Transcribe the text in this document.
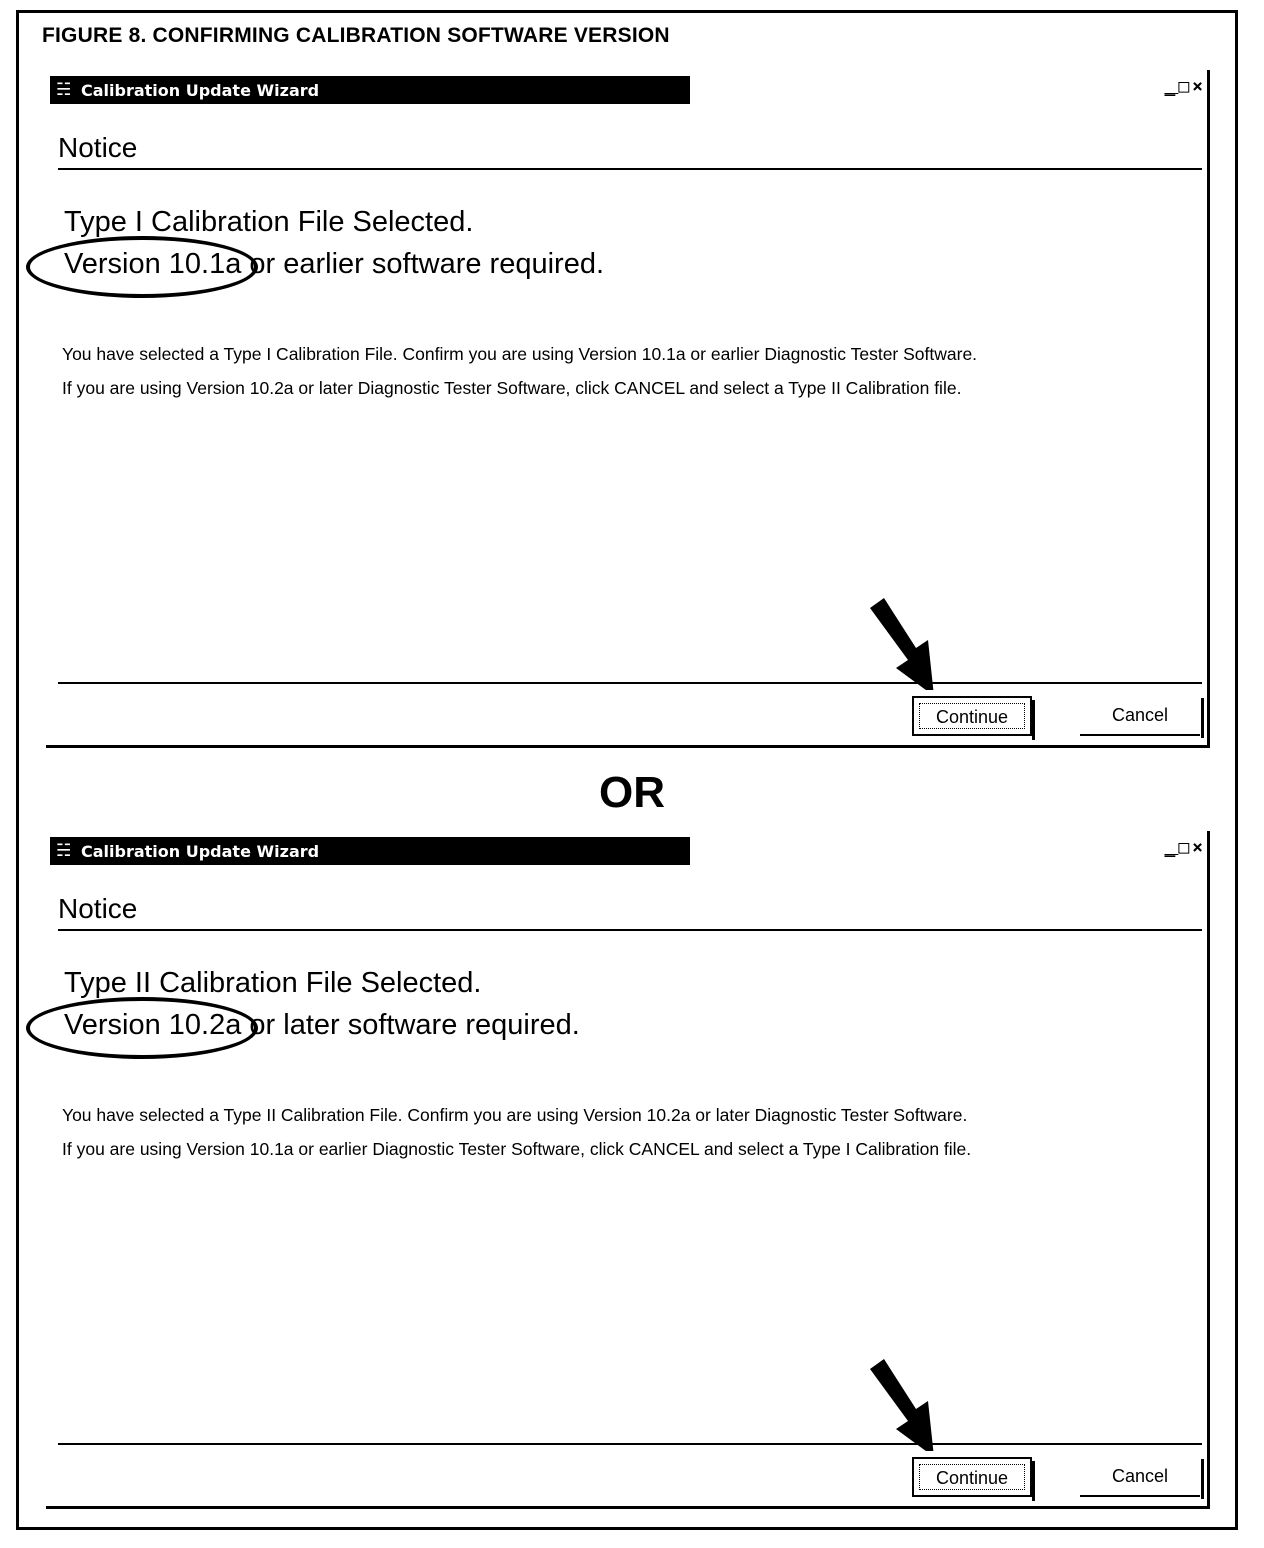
FIGURE 8. CONFIRMING CALIBRATION SOFTWARE VERSION
☵ Calibration Update Wizard	_□×
Notice
Type I Calibration File Selected.
Version 10.1a or earlier software required.
You have selected a Type I Calibration File. Confirm you are using Version 10.1a or earlier Diagnostic Tester Software.
If you are using Version 10.2a or later Diagnostic Tester Software, click CANCEL and select a Type II Calibration file.
Continue	Cancel
OR
☵ Calibration Update Wizard	_□×
Notice
Type II Calibration File Selected.
Version 10.2a or later software required.
You have selected a Type II Calibration File. Confirm you are using Version 10.2a or later Diagnostic Tester Software.
If you are using Version 10.1a or earlier Diagnostic Tester Software, click CANCEL and select a Type I Calibration file.
Continue	Cancel
